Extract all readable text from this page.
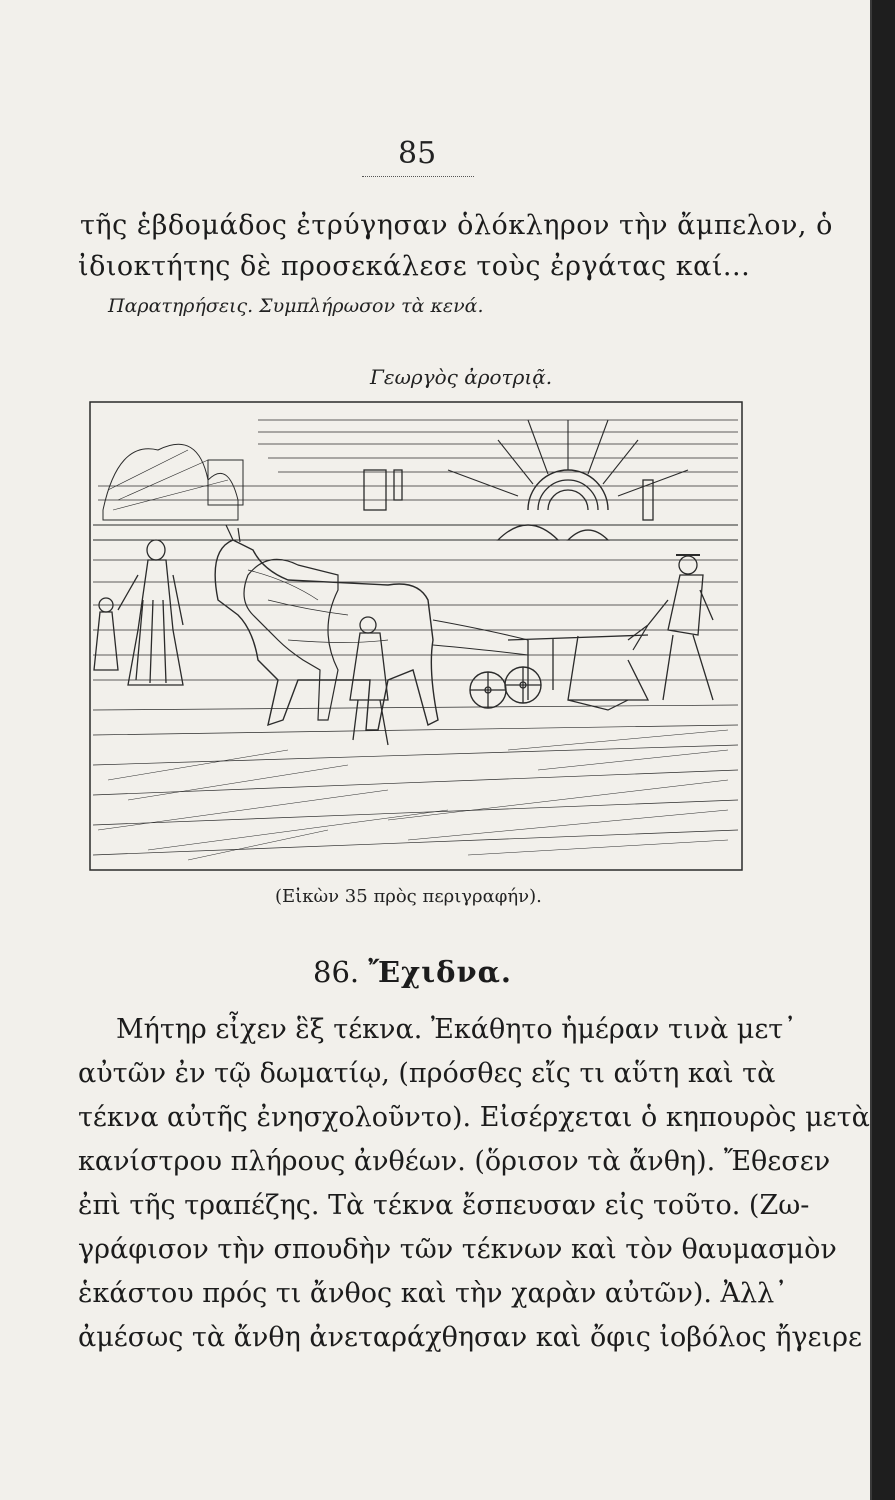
85
τῆς ἑβδομάδος ἐτρύγησαν ὁλόκληρον τὴν ἄμπελον, ὁ
ἰδιοκτήτης δὲ προσεκάλεσε τοὺς ἐργάτας καί...
Παρατηρήσεις. Συμπλήρωσον τὰ κενά.
Γεωργὸς ἀροτριᾷ.
(Εἰκὼν 35 πρὸς περιγραφήν).
86. Ἔχιδνα.
Μήτηρ εἶχεν ἓξ τέκνα. Ἐκάθητο ἡμέραν τινὰ μετ᾿
αὐτῶν ἐν τῷ δωματίῳ, (πρόσθες εἴς τι αὕτη καὶ τὰ
τέκνα αὐτῆς ἐνησχολοῦντο). Εἰσέρχεται ὁ κηπουρὸς μετὰ
κανίστρου πλήρους ἀνθέων. (ὅρισον τὰ ἄνθη). Ἔθεσεν
ἐπὶ τῆς τραπέζης. Τὰ τέκνα ἔσπευσαν εἰς τοῦτο. (Ζω-
γράφισον τὴν σπουδὴν τῶν τέκνων καὶ τὸν θαυμασμὸν
ἑκάστου πρός τι ἄνθος καὶ τὴν χαρὰν αὐτῶν). Ἀλλ᾿
ἀμέσως τὰ ἄνθη ἀνεταράχθησαν καὶ ὄφις ἰοβόλος ἤγειρε
